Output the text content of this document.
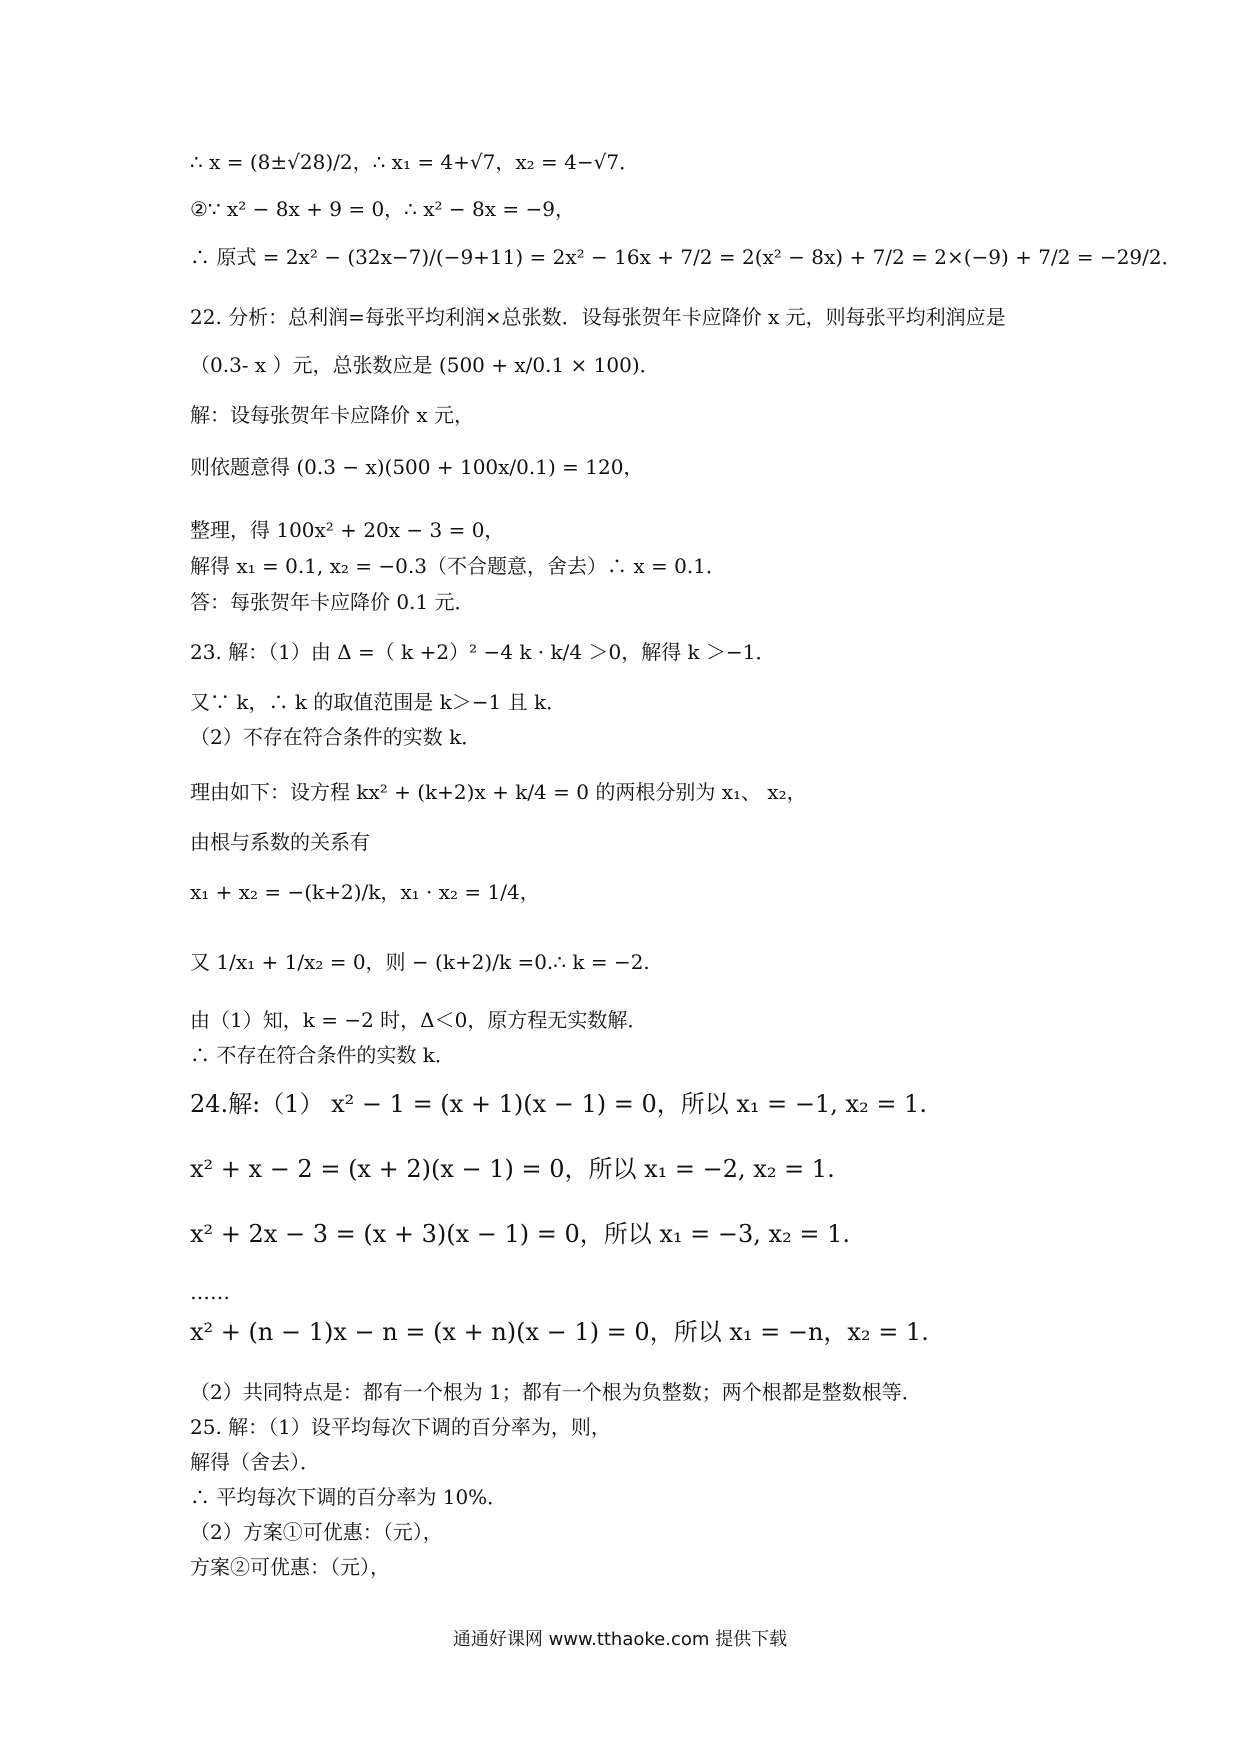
∴ x = (8±√28)/2，∴ x₁ = 4+√7，x₂ = 4−√7．
②∵ x² − 8x + 9 = 0，∴ x² − 8x = −9，
∴ 原式 = 2x² − (32x−7)/(−9+11) = 2x² − 16x + 7/2 = 2(x² − 8x) + 7/2 = 2×(−9) + 7/2 = −29/2．
22. 分析：总利润=每张平均利润×总张数．设每张贺年卡应降价 x 元，则每张平均利润应是
（0.3- x ）元，总张数应是 (500 + x/0.1 × 100)．
解：设每张贺年卡应降价 x 元，
则依题意得 (0.3 − x)(500 + 100x/0.1) = 120，
整理，得 100x² + 20x − 3 = 0，
解得 x₁ = 0.1, x₂ = −0.3（不合题意，舍去）∴ x = 0.1．
答：每张贺年卡应降价 0.1 元．
23. 解：（1）由 Δ =（ k +2）² −4 k · k/4 ＞0，解得 k ＞−1．
又∵ k，∴ k 的取值范围是 k＞−1 且 k．
（2）不存在符合条件的实数 k．
理由如下：设方程 kx² + (k+2)x + k/4 = 0 的两根分别为 x₁、 x₂，
由根与系数的关系有
x₁ + x₂ = −(k+2)/k，x₁ · x₂ = 1/4，
又 1/x₁ + 1/x₂ = 0，则 − (k+2)/k =0.∴ k = −2.
由（1）知，k = −2 时，Δ＜0，原方程无实数解．
∴ 不存在符合条件的实数 k．
24.解:（1） x² − 1 = (x + 1)(x − 1) = 0，所以 x₁ = −1, x₂ = 1.
x² + x − 2 = (x + 2)(x − 1) = 0，所以 x₁ = −2, x₂ = 1.
x² + 2x − 3 = (x + 3)(x − 1) = 0，所以 x₁ = −3, x₂ = 1.
……
x² + (n − 1)x − n = (x + n)(x − 1) = 0，所以 x₁ = −n，x₂ = 1.
（2）共同特点是：都有一个根为 1；都有一个根为负整数；两个根都是整数根等．
25. 解：（1）设平均每次下调的百分率为，则，
解得（舍去）．
∴ 平均每次下调的百分率为 10%．
（2）方案①可优惠：（元），
方案②可优惠：（元），
通通好课网 www.tthaoke.com 提供下载
